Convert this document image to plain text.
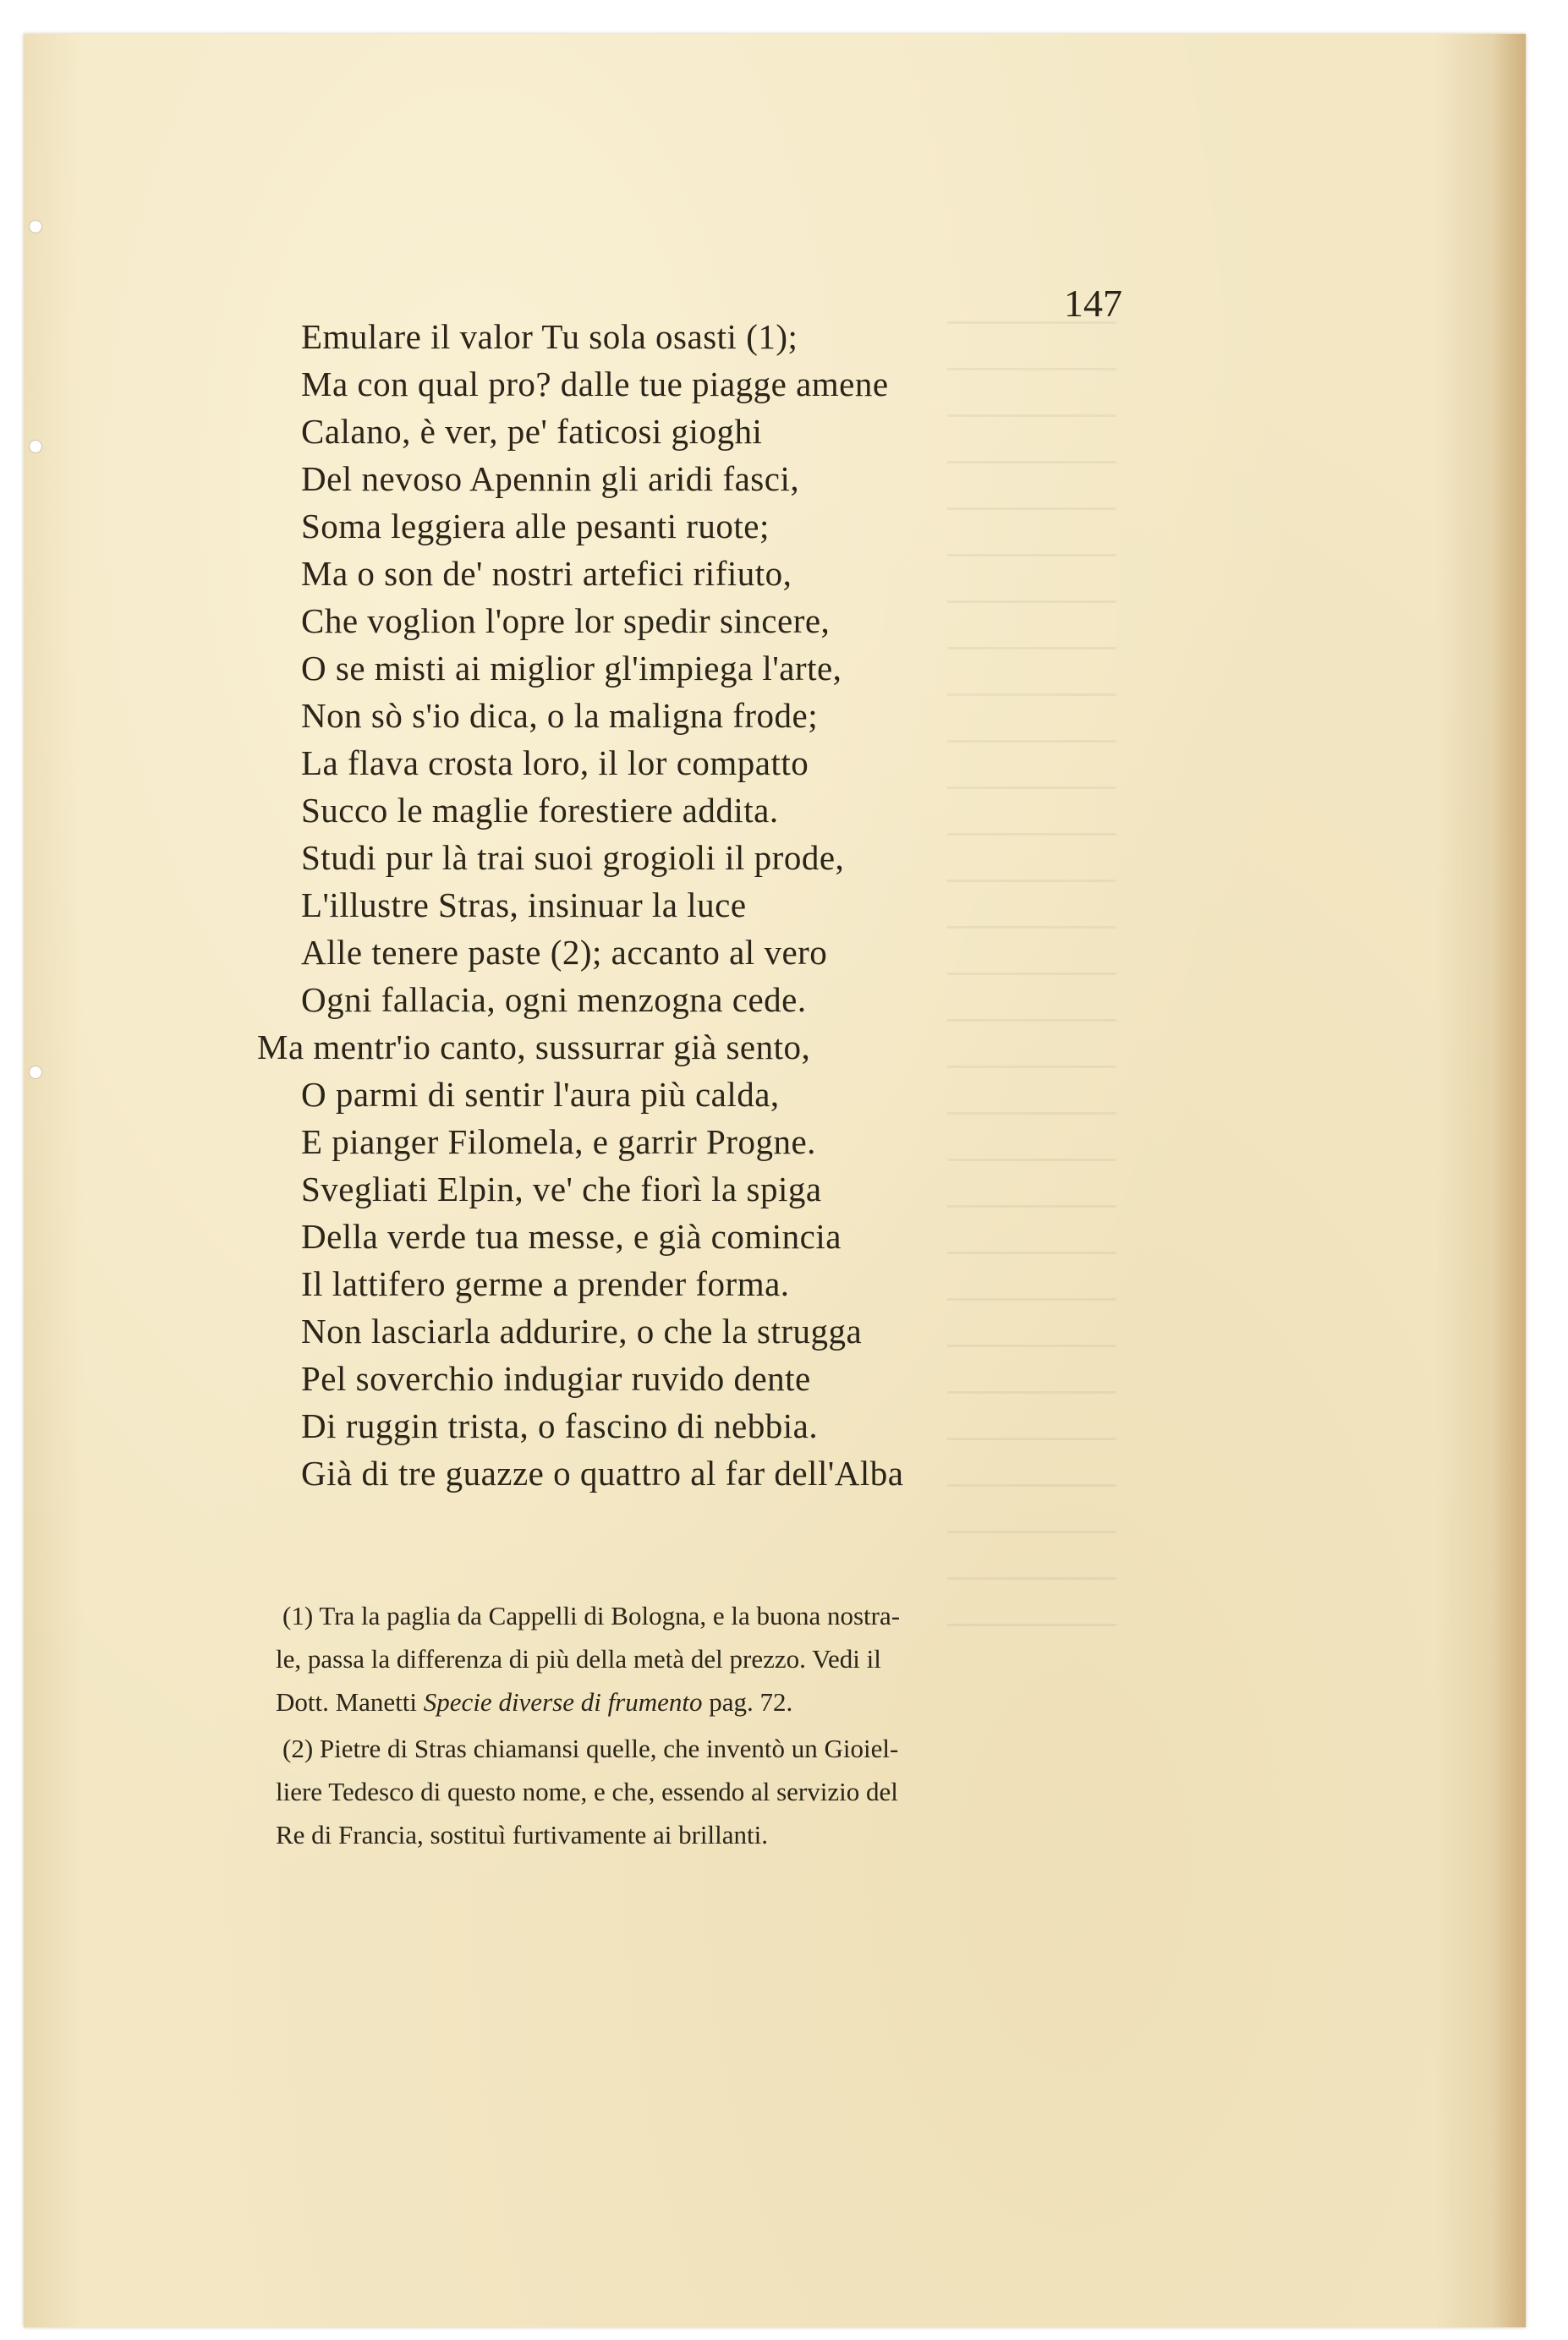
147
Emulare il valor Tu sola osasti (1);
Ma con qual pro? dalle tue piagge amene
Calano, è ver, pe' faticosi gioghi
Del nevoso Apennin gli aridi fasci,
Soma leggiera alle pesanti ruote;
Ma o son de' nostri artefici rifiuto,
Che voglion l'opre lor spedir sincere,
O se misti ai miglior gl'impiega l'arte,
Non sò s'io dica, o la maligna frode;
La flava crosta loro, il lor compatto
Succo le maglie forestiere addita.
Studi pur là trai suoi grogioli il prode,
L'illustre Stras, insinuar la luce
Alle tenere paste (2); accanto al vero
Ogni fallacia, ogni menzogna cede.
Ma mentr'io canto, sussurrar già sento,
O parmi di sentir l'aura più calda,
E pianger Filomela, e garrir Progne.
Svegliati Elpin, ve' che fiorì la spiga
Della verde tua messe, e già comincia
Il lattifero germe a prender forma.
Non lasciarla addurire, o che la strugga
Pel soverchio indugiar ruvido dente
Di ruggin trista, o fascino di nebbia.
Già di tre guazze o quattro al far dell'Alba
(1) Tra la paglia da Cappelli di Bologna, e la buona nostra-
le, passa la differenza di più della metà del prezzo. Vedi il
Dott. Manetti Specie diverse di frumento pag. 72.
(2) Pietre di Stras chiamansi quelle, che inventò un Gioiel-
liere Tedesco di questo nome, e che, essendo al servizio del
Re di Francia, sostituì furtivamente ai brillanti.
